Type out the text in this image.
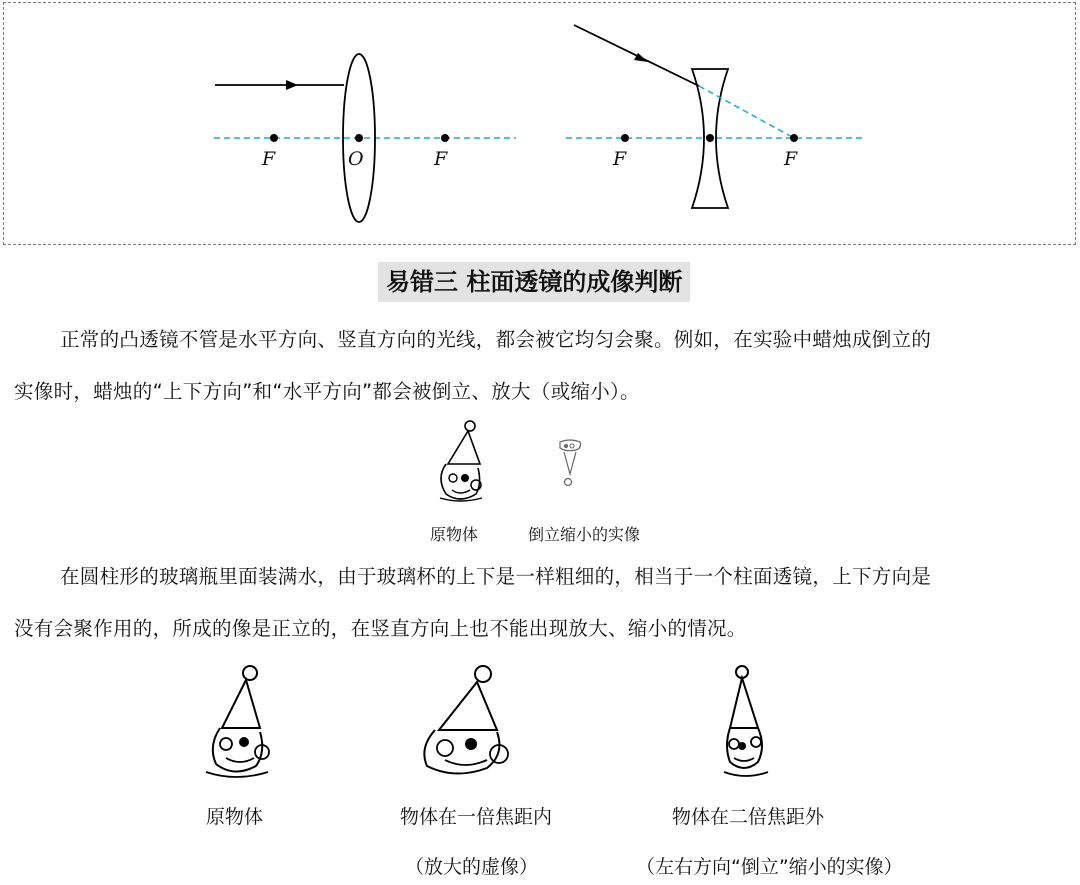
F	O	F	F	F
易错三 柱面透镜的成像判断
正常的凸透镜不管是水平方向、竖直方向的光线，都会被它均匀会聚。例如，在实验中蜡烛成倒立的
实像时，蜡烛的“上下方向”和“水平方向”都会被倒立、放大（或缩小）。
原物体	倒立缩小的实像
在圆柱形的玻璃瓶里面装满水，由于玻璃杯的上下是一样粗细的，相当于一个柱面透镜，上下方向是
没有会聚作用的，所成的像是正立的，在竖直方向上也不能出现放大、缩小的情况。
原物体	物体在一倍焦距内
（放大的虚像）
物体在二倍焦距外
（左右方向“倒立”缩小的实像）
